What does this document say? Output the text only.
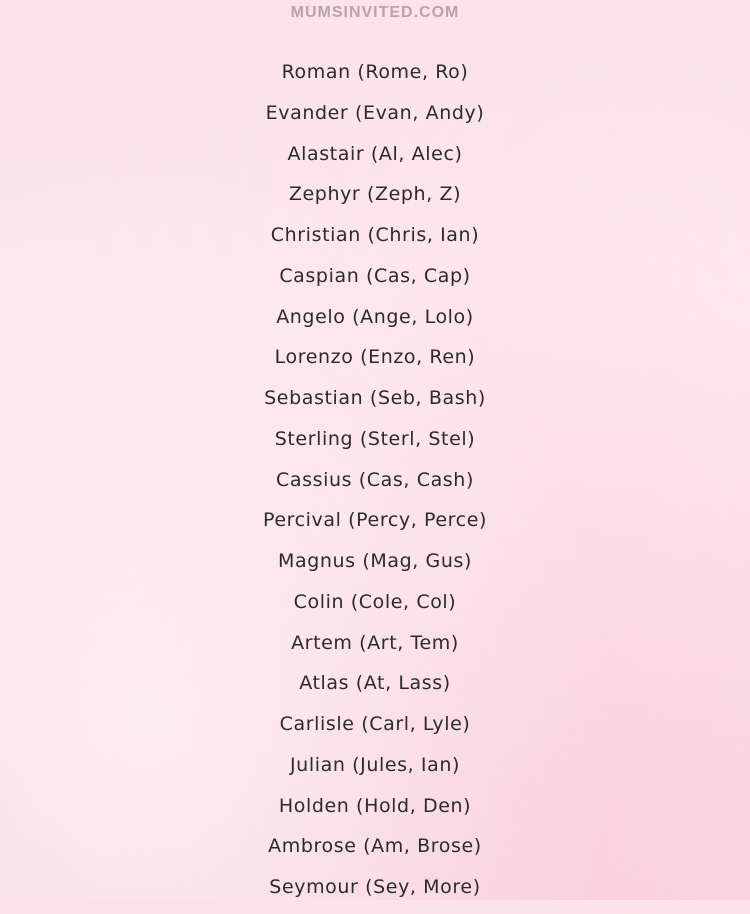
MUMSINVITED.COM
Roman (Rome, Ro)
Evander (Evan, Andy)
Alastair (Al, Alec)
Zephyr (Zeph, Z)
Christian (Chris, Ian)
Caspian (Cas, Cap)
Angelo (Ange, Lolo)
Lorenzo (Enzo, Ren)
Sebastian (Seb, Bash)
Sterling (Sterl, Stel)
Cassius (Cas, Cash)
Percival (Percy, Perce)
Magnus (Mag, Gus)
Colin (Cole, Col)
Artem (Art, Tem)
Atlas (At, Lass)
Carlisle (Carl, Lyle)
Julian (Jules, Ian)
Holden (Hold, Den)
Ambrose (Am, Brose)
Seymour (Sey, More)
